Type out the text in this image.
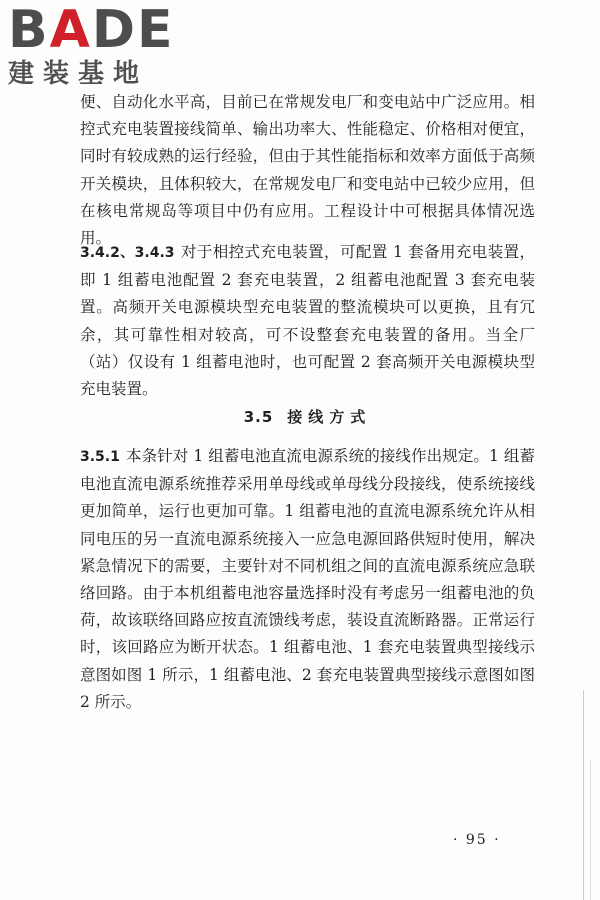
BADE
建装基地

便、自动化水平高，目前已在常规发电厂和变电站中广泛应用。相控式充电装置接线简单、输出功率大、性能稳定、价格相对便宜，同时有较成熟的运行经验，但由于其性能指标和效率方面低于高频开关模块，且体积较大，在常规发电厂和变电站中已较少应用，但在核电常规岛等项目中仍有应用。工程设计中可根据具体情况选用。

3.4.2、3.4.3 对于相控式充电装置，可配置 1 套备用充电装置，即 1 组蓄电池配置 2 套充电装置，2 组蓄电池配置 3 套充电装置。高频开关电源模块型充电装置的整流模块可以更换，且有冗余，其可靠性相对较高，可不设整套充电装置的备用。当全厂（站）仅设有 1 组蓄电池时，也可配置 2 套高频开关电源模块型充电装置。

3.5 接线方式

3.5.1 本条针对 1 组蓄电池直流电源系统的接线作出规定。1 组蓄电池直流电源系统推荐采用单母线或单母线分段接线，使系统接线更加简单，运行也更加可靠。1 组蓄电池的直流电源系统允许从相同电压的另一直流电源系统接入一应急电源回路供短时使用，解决紧急情况下的需要，主要针对不同机组之间的直流电源系统应急联络回路。由于本机组蓄电池容量选择时没有考虑另一组蓄电池的负荷，故该联络回路应按直流馈线考虑，装设直流断路器。正常运行时，该回路应为断开状态。1 组蓄电池、1 套充电装置典型接线示意图如图 1 所示，1 组蓄电池、2 套充电装置典型接线示意图如图 2 所示。

· 95 ·
